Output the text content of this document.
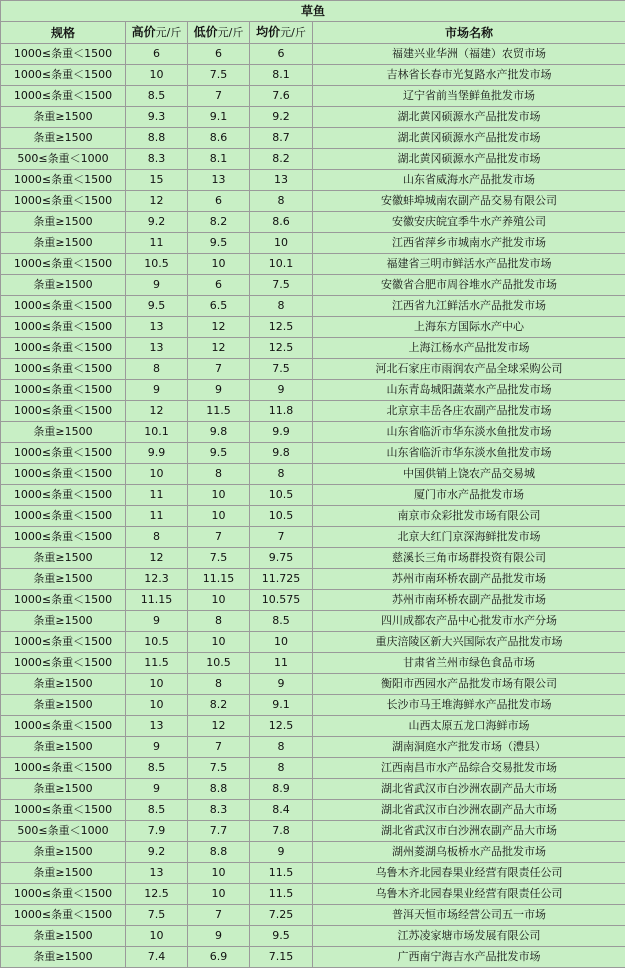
草鱼				
规格	高价元/斤	低价元/斤	均价元/斤	市场名称
1000≤条重＜1500	6	6	6	福建兴业华洲（福建）农贸市场
1000≤条重＜1500	10	7.5	8.1	吉林省长春市光复路水产批发市场
1000≤条重＜1500	8.5	7	7.6	辽宁省前当堡鲜鱼批发市场
条重≥1500	9.3	9.1	9.2	湖北黄冈硕源水产品批发市场
条重≥1500	8.8	8.6	8.7	湖北黄冈硕源水产品批发市场
500≤条重＜1000	8.3	8.1	8.2	湖北黄冈硕源水产品批发市场
1000≤条重＜1500	15	13	13	山东省威海水产品批发市场
1000≤条重＜1500	12	6	8	安徽蚌埠城南农副产品交易有限公司
条重≥1500	9.2	8.2	8.6	安徽安庆皖宜季牛水产养殖公司
条重≥1500	11	9.5	10	江西省萍乡市城南水产批发市场
1000≤条重＜1500	10.5	10	10.1	福建省三明市鲜活水产品批发市场
条重≥1500	9	6	7.5	安徽省合肥市周谷堆水产品批发市场
1000≤条重＜1500	9.5	6.5	8	江西省九江鲜活水产品批发市场
1000≤条重＜1500	13	12	12.5	上海东方国际水产中心
1000≤条重＜1500	13	12	12.5	上海江杨水产品批发市场
1000≤条重＜1500	8	7	7.5	河北石家庄市雨润农产品全球采购公司
1000≤条重＜1500	9	9	9	山东青岛城阳蔬菜水产品批发市场
1000≤条重＜1500	12	11.5	11.8	北京京丰岳各庄农副产品批发市场
条重≥1500	10.1	9.8	9.9	山东省临沂市华东淡水鱼批发市场
1000≤条重＜1500	9.9	9.5	9.8	山东省临沂市华东淡水鱼批发市场
1000≤条重＜1500	10	8	8	中国供销上饶农产品交易城
1000≤条重＜1500	11	10	10.5	厦门市水产品批发市场
1000≤条重＜1500	11	10	10.5	南京市众彩批发市场有限公司
1000≤条重＜1500	8	7	7	北京大红门京深海鲜批发市场
条重≥1500	12	7.5	9.75	慈溪长三角市场群投资有限公司
条重≥1500	12.3	11.15	11.725	苏州市南环桥农副产品批发市场
1000≤条重＜1500	11.15	10	10.575	苏州市南环桥农副产品批发市场
条重≥1500	9	8	8.5	四川成都农产品中心批发市水产分场
1000≤条重＜1500	10.5	10	10	重庆涪陵区新大兴国际农产品批发市场
1000≤条重＜1500	11.5	10.5	11	甘肃省兰州市绿色食品市场
条重≥1500	10	8	9	衡阳市西园水产品批发市场有限公司
条重≥1500	10	8.2	9.1	长沙市马王堆海鲜水产品批发市场
1000≤条重＜1500	13	12	12.5	山西太原五龙口海鲜市场
条重≥1500	9	7	8	湖南洞庭水产批发市场（澧县）
1000≤条重＜1500	8.5	7.5	8	江西南昌市水产品综合交易批发市场
条重≥1500	9	8.8	8.9	湖北省武汉市白沙洲农副产品大市场
1000≤条重＜1500	8.5	8.3	8.4	湖北省武汉市白沙洲农副产品大市场
500≤条重＜1000	7.9	7.7	7.8	湖北省武汉市白沙洲农副产品大市场
条重≥1500	9.2	8.8	9	湖州菱湖乌板桥水产品批发市场
条重≥1500	13	10	11.5	乌鲁木齐北园春果业经营有限责任公司
1000≤条重＜1500	12.5	10	11.5	乌鲁木齐北园春果业经营有限责任公司
1000≤条重＜1500	7.5	7	7.25	普洱天恒市场经营公司五一市场
条重≥1500	10	9	9.5	江苏凌家塘市场发展有限公司
条重≥1500	7.4	6.9	7.15	广西南宁海吉水产品批发市场
